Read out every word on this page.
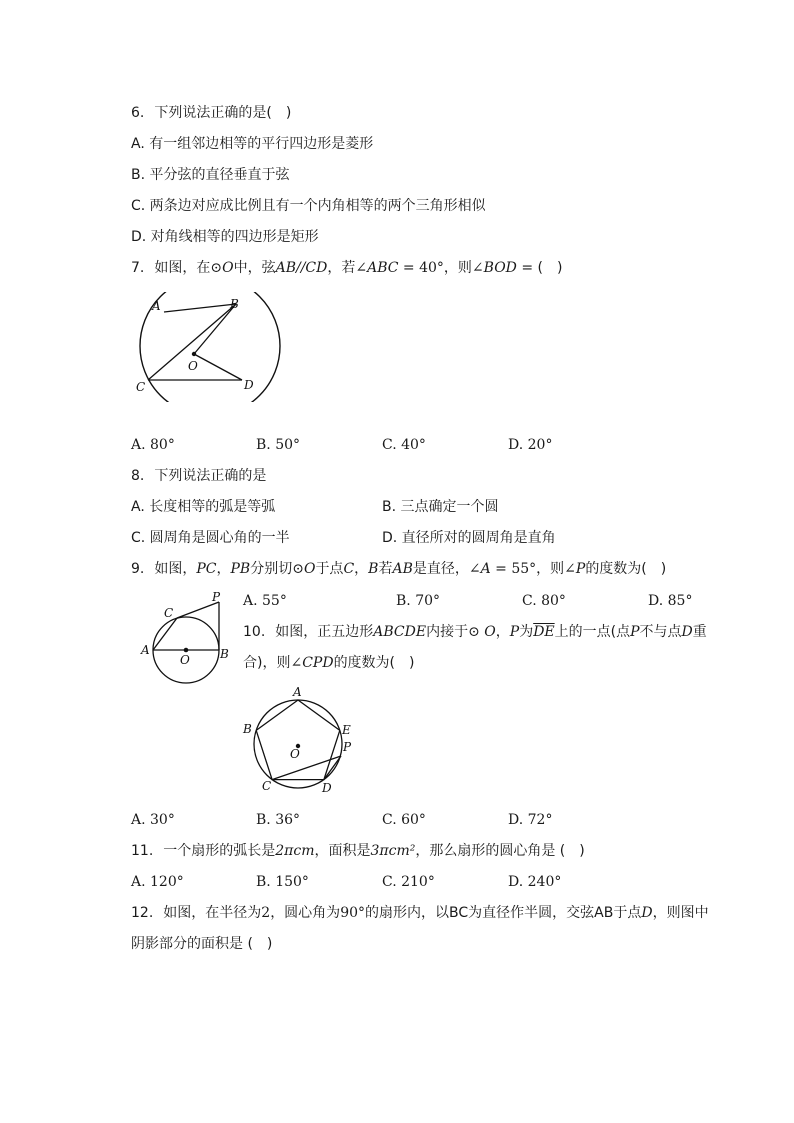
6. 下列说法正确的是(　)
A. 有一组邻边相等的平行四边形是菱形
B. 平分弦的直径垂直于弦
C. 两条边对应成比例且有一个内角相等的两个三角形相似
D. 对角线相等的四边形是矩形
7. 如图，在⊙O中，弦AB//CD，若∠ABC = 40°，则∠BOD = (　)
A	B
O
C	D
A. 80°	B. 50°	C. 40°	D. 20°
8. 下列说法正确的是
A. 长度相等的弧是等弧	B. 三点确定一个圆
C. 圆周角是圆心角的一半	D. 直径所对的圆周角是直角
9. 如图，PC，PB分别切⊙O于点C，B若AB是直径，∠A = 55°，则∠P的度数为(　)
P
C
A
O	B
A. 55°	B. 70°	C. 80°	D. 85°
10. 如图，正五边形ABCDE内接于⊙ O，P为$\overline{DE}$上的一点(点P不与点D重
合)，则∠CPD的度数为(　)
A
B	E
P
O
C	D
A. 30°	B. 36°	C. 60°	D. 72°
11. 一个扇形的弧长是2πcm，面积是3πcm²，那么扇形的圆心角是 (　)
A. 120°	B. 150°	C. 210°	D. 240°
12. 如图，在半径为2，圆心角为90°的扇形内，以BC为直径作半圆，交弦AB于点D，则图中
阴影部分的面积是 (　)
